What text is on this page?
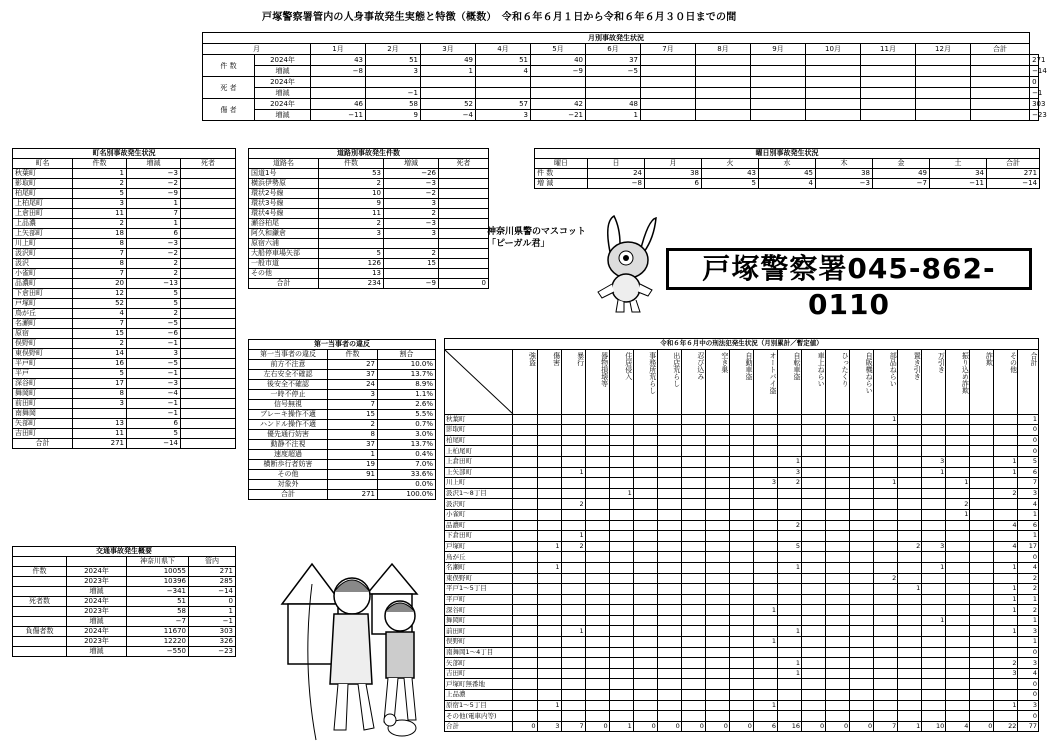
戸塚警察署管内の人身事故発生実態と特徴（概数）　令和６年６月１日から令和６年６月３０日までの間
月別事故発生状況															
月		1月	2月	3月	4月	5月	6月	7月	8月	9月	10月	11月	12月	合計	
件 数	2024年	43	51	49	51	40	37								271
	増減	−8	3	1	4	−9	−5								−14
死 者	2024年														0
	増減		−1												−1
傷 者	2024年	46	58	52	57	42	48								303
	増減	−11	9	−4	3	−21	1								−23
町名別事故発生状況			
町名	件数	増減	死者
秋葉町	1	−3	
影取町	2	−2	
柏尾町	5	−9	
上柏尾町	3	1	
上倉田町	11	7	
上品濃	2	1	
上矢部町	18	6	
川上町	8	−3	
汲沢町	7	−2	
汲沢	8	2	
小雀町	7	2	
品濃町	20	−13	
下倉田町	12	5	
戸塚町	52	5	
鳥が丘	4	2	
名瀬町	7	−5	
原宿	15	−6	
俣野町	2	−1	
東俣野町	14	3	
平戸町	16	−5	
平戸	5	−1	
深谷町	17	−3	
舞岡町	8	−4	
前田町	3	−1	
南舞岡		−1	
矢部町	13	6	
吉田町	11	5	
合計	271	−14	
道路別事故発生件数			
道路名	件数	増減	死者
国道1号	53	−26	
横浜伊勢原	2	−3	
環状2号線	10	−2	
環状3号線	9	3	
環状4号線	11	2	
瀬谷柏尾	2	−3	
阿久和鎌倉	3	3	
原宿六浦			
大船停車場矢部	5	2	
一般市道	126	15	
その他	13		
合計	234	−9	0
曜日別事故発生状況								
曜日	日	月	火	水	木	金	土	合計
件 数	24	38	43	45	38	49	34	271
増 減	−8	6	5	4	−3	−7	−11	−14
神奈川県警のマスコット
「ピーガル君」
戸塚警察署045-862-0110
第一当事者の違反		
第一当事者の違反	件数	割合
前方不注意	27	10.0%
左右安全不確認	37	13.7%
後安全不確認	24	8.9%
一時不停止	3	1.1%
信号無視	7	2.6%
ブレーキ操作不適	15	5.5%
ハンドル操作不適	2	0.7%
優先通行妨害	8	3.0%
動静不注視	37	13.7%
速度超過	1	0.4%
横断歩行者妨害	19	7.0%
その他	91	33.6%
対象外		0.0%
合計	271	100.0%
交通事故発生概要			
		神奈川県下	管内
件数	2024年	10055	271
	2023年	10396	285
	増減	−341	−14
死者数	2024年	51	0
	2023年	58	1
	増減	−7	−1
負傷者数	2024年	11670	303
	2023年	12220	326
	増減	−550	−23
令和６年６月中の刑法犯発生状況（月別累計／暫定値）																						

	強盗	傷害	暴行	器物損壊等	住居侵入	事務所荒らし	出店荒らし	忍び込み	空き巣	自動車盗	オートバイ盗	自転車盗	車上ねらい	ひったくり	自販機ねらい	部品ねらい	置き引き	万引き	振り込め詐欺	詐欺	その他	合計
秋葉町																1						1
影取町																						0
柏尾町																						0
上柏尾町																						0
上倉田町												1						3			1	5
上矢部町			1									3						1			1	6
川上町											3	2				1			1			7
汲沢1～8丁目					1																2	3
汲沢町			2																2			4
小雀町																			1			1
品濃町												2									4	6
下倉田町			1																			1
戸塚町		1	2									5					2	3			4	17
鳥が丘																						0
名瀬町		1										1						1			1	4
東俣野町																2						2
平戸1～5丁目																	1				1	2
平戸町																					1	1
深谷町											1										1	2
舞岡町																		1				1
前田町			1									1									1	3
俣野町											1											1
南舞岡1～4丁目																						0
矢部町												1									2	3
吉田町												1									3	4
戸塚町無番地																						0
上品濃																						0
原宿1～5丁目		1									1										1	3
その他(電車内等)																						0
合計	0	3	7	0	1	0	0	0	0	0	6	16	0	0	0	7	1	10	4	0	22	77
